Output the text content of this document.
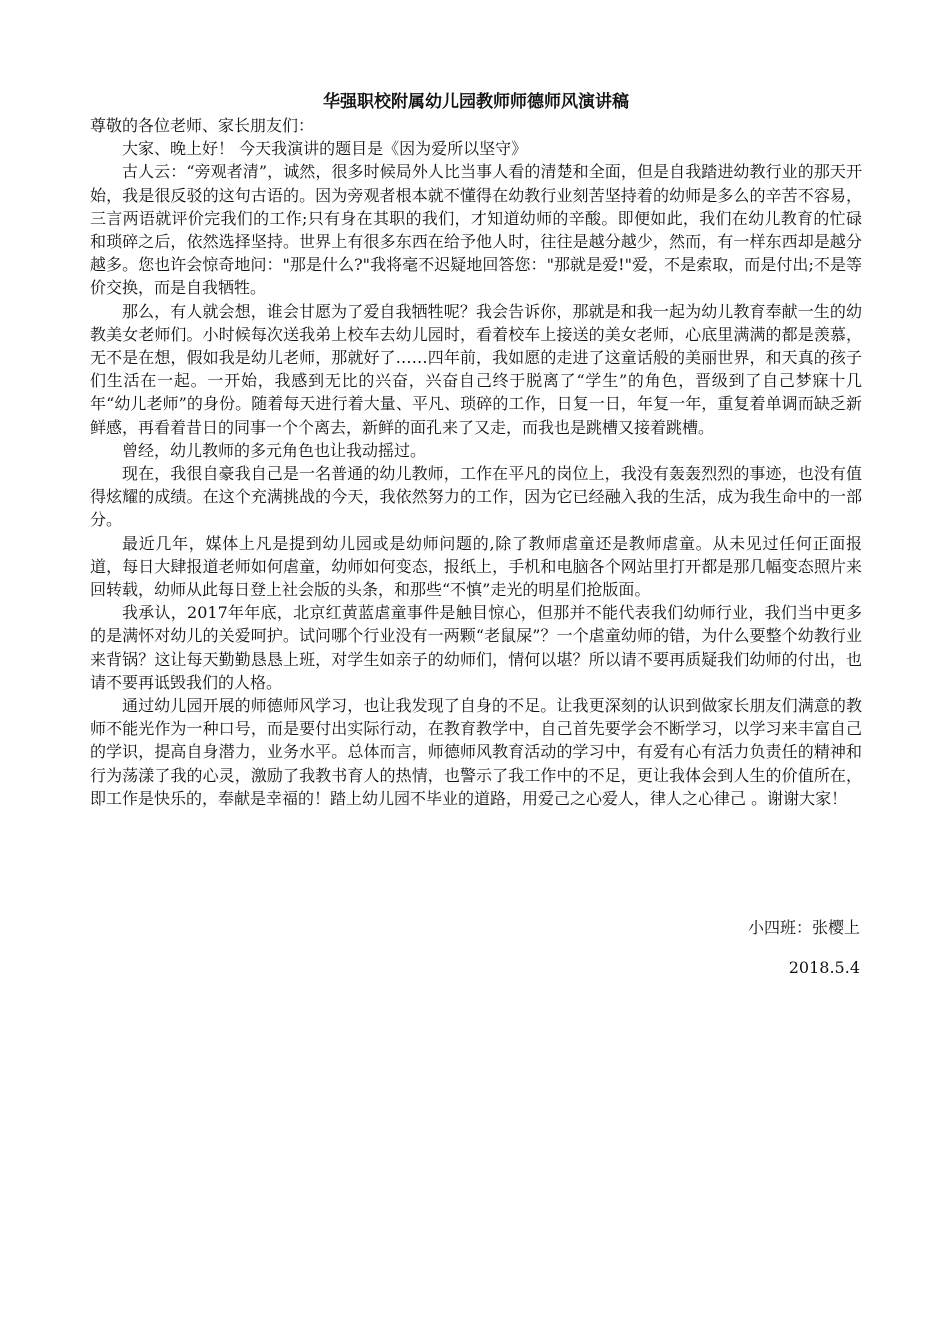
华强职校附属幼儿园教师师德师风演讲稿

尊敬的各位老师、家长朋友们：

大家、晚上好！ 今天我演讲的题目是《因为爱所以坚守》

古人云：“旁观者清”，诚然，很多时候局外人比当事人看的清楚和全面，但是自我踏进幼教行业的那天开始，我是很反驳的这句古语的。因为旁观者根本就不懂得在幼教行业刻苦坚持着的幼师是多么的辛苦不容易，三言两语就评价完我们的工作;只有身在其职的我们，才知道幼师的辛酸。即便如此，我们在幼儿教育的忙碌和琐碎之后，依然选择坚持。世界上有很多东西在给予他人时，往往是越分越少，然而，有一样东西却是越分越多。您也许会惊奇地问："那是什么?"我将毫不迟疑地回答您："那就是爱!"爱，不是索取，而是付出;不是等价交换，而是自我牺牲。

那么，有人就会想，谁会甘愿为了爱自我牺牲呢？我会告诉你，那就是和我一起为幼儿教育奉献一生的幼教美女老师们。小时候每次送我弟上校车去幼儿园时，看着校车上接送的美女老师，心底里满满的都是羡慕，无不是在想，假如我是幼儿老师，那就好了……四年前，我如愿的走进了这童话般的美丽世界，和天真的孩子们生活在一起。一开始，我感到无比的兴奋，兴奋自己终于脱离了“学生”的角色，晋级到了自己梦寐十几年“幼儿老师”的身份。随着每天进行着大量、平凡、琐碎的工作，日复一日，年复一年，重复着单调而缺乏新鲜感，再看着昔日的同事一个个离去，新鲜的面孔来了又走，而我也是跳槽又接着跳槽。

曾经，幼儿教师的多元角色也让我动摇过。

现在，我很自豪我自己是一名普通的幼儿教师，工作在平凡的岗位上，我没有轰轰烈烈的事迹，也没有值得炫耀的成绩。在这个充满挑战的今天，我依然努力的工作，因为它已经融入我的生活，成为我生命中的一部分。

最近几年，媒体上凡是提到幼儿园或是幼师问题的,除了教师虐童还是教师虐童。从未见过任何正面报道，每日大肆报道老师如何虐童，幼师如何变态，报纸上，手机和电脑各个网站里打开都是那几幅变态照片来回转载，幼师从此每日登上社会版的头条，和那些“不慎”走光的明星们抢版面。

我承认，2017年年底，北京红黄蓝虐童事件是触目惊心，但那并不能代表我们幼师行业，我们当中更多的是满怀对幼儿的关爱呵护。试问哪个行业没有一两颗“老鼠屎”？一个虐童幼师的错，为什么要整个幼教行业来背锅？这让每天勤勤恳恳上班，对学生如亲子的幼师们，情何以堪？所以请不要再质疑我们幼师的付出，也请不要再诋毁我们的人格。

通过幼儿园开展的师德师风学习，也让我发现了自身的不足。让我更深刻的认识到做家长朋友们满意的教师不能光作为一种口号，而是要付出实际行动，在教育教学中，自己首先要学会不断学习，以学习来丰富自己的学识，提高自身潜力，业务水平。总体而言，师德师风教育活动的学习中，有爱有心有活力负责任的精神和行为荡漾了我的心灵，激励了我教书育人的热情，也警示了我工作中的不足，更让我体会到人生的价值所在，即工作是快乐的，奉献是幸福的！踏上幼儿园不毕业的道路，用爱己之心爱人，律人之心律己 。谢谢大家！

小四班：张樱上
2018.5.4
